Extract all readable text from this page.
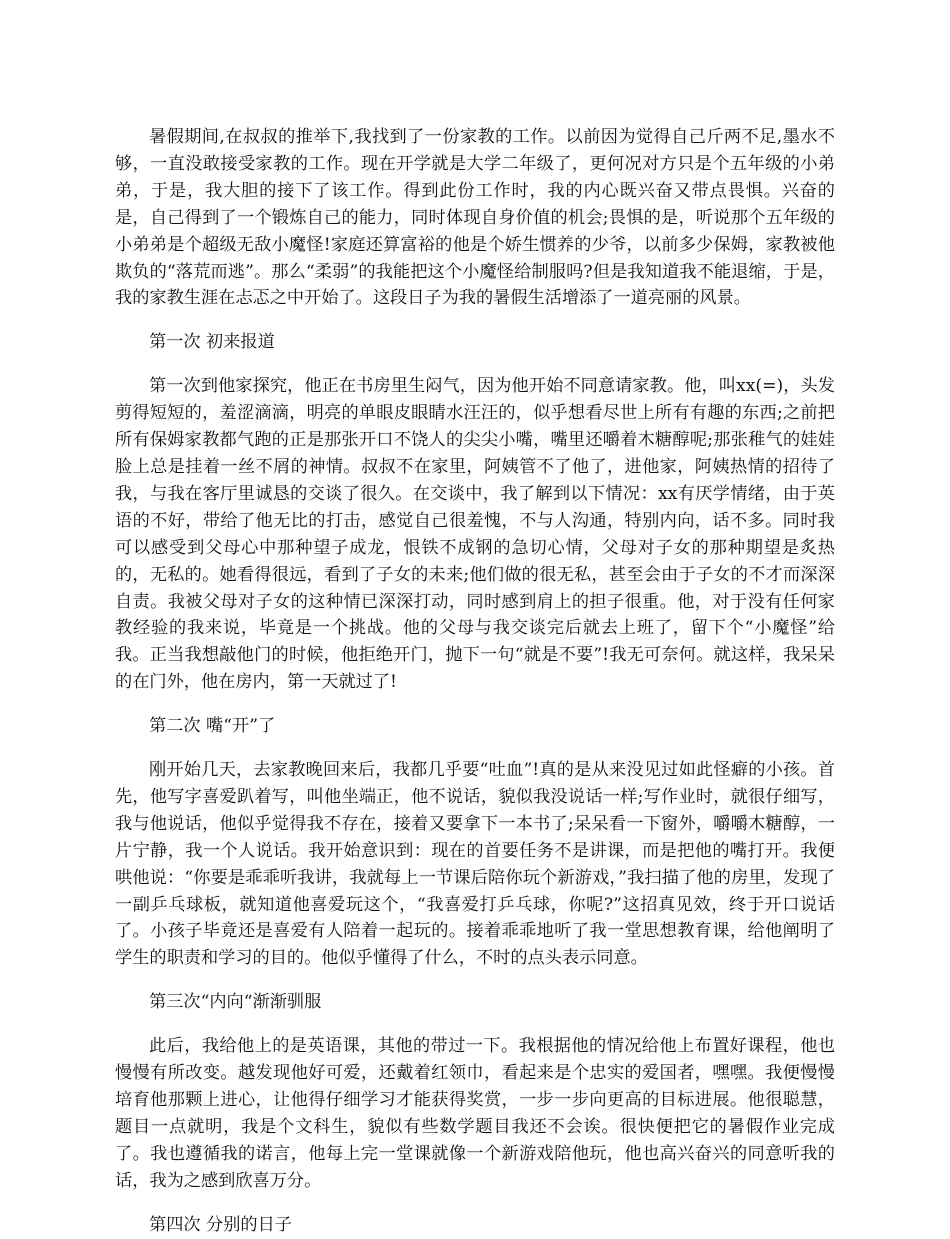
暑假期间,在叔叔的推举下,我找到了一份家教的工作。以前因为觉得自己斤两不足,墨水不够，一直没敢接受家教的工作。现在开学就是大学二年级了，更何况对方只是个五年级的小弟弟，于是，我大胆的接下了该工作。得到此份工作时，我的内心既兴奋又带点畏惧。兴奋的是，自己得到了一个锻炼自己的能力，同时体现自身价值的机会;畏惧的是，听说那个五年级的小弟弟是个超级无敌小魔怪!家庭还算富裕的他是个娇生惯养的少爷，以前多少保姆，家教被他欺负的“落荒而逃”。那么“柔弱”的我能把这个小魔怪给制服吗?但是我知道我不能退缩，于是，我的家教生涯在忐忑之中开始了。这段日子为我的暑假生活增添了一道亮丽的风景。

第一次 初来报道

第一次到他家探究，他正在书房里生闷气，因为他开始不同意请家教。他，叫xx(=)，头发剪得短短的，羞涩滴滴，明亮的单眼皮眼睛水汪汪的，似乎想看尽世上所有有趣的东西;之前把所有保姆家教都气跑的正是那张开口不饶人的尖尖小嘴，嘴里还嚼着木糖醇呢;那张稚气的娃娃脸上总是挂着一丝不屑的神情。叔叔不在家里，阿姨管不了他了，进他家，阿姨热情的招待了我，与我在客厅里诚恳的交谈了很久。在交谈中，我了解到以下情况：xx有厌学情绪，由于英语的不好，带给了他无比的打击，感觉自己很羞愧，不与人沟通，特别内向，话不多。同时我可以感受到父母心中那种望子成龙，恨铁不成钢的急切心情，父母对子女的那种期望是炙热的，无私的。她看得很远，看到了子女的未来;他们做的很无私，甚至会由于子女的不才而深深自责。我被父母对子女的这种情已深深打动，同时感到肩上的担子很重。他，对于没有任何家教经验的我来说，毕竟是一个挑战。他的父母与我交谈完后就去上班了，留下个“小魔怪”给我。正当我想敲他门的时候，他拒绝开门，抛下一句“就是不要”!我无可奈何。就这样，我呆呆的在门外，他在房内，第一天就过了!

第二次 嘴“开”了

刚开始几天，去家教晚回来后，我都几乎要“吐血”!真的是从来没见过如此怪癖的小孩。首先，他写字喜爱趴着写，叫他坐端正，他不说话，貌似我没说话一样;写作业时，就很仔细写，我与他说话，他似乎觉得我不存在，接着又要拿下一本书了;呆呆看一下窗外，嚼嚼木糖醇，一片宁静，我一个人说话。我开始意识到：现在的首要任务不是讲课，而是把他的嘴打开。我便哄他说：“你要是乖乖听我讲，我就每上一节课后陪你玩个新游戏，”我扫描了他的房里，发现了一副乒乓球板，就知道他喜爱玩这个，“我喜爱打乒乓球，你呢?”这招真见效，终于开口说话了。小孩子毕竟还是喜爱有人陪着一起玩的。接着乖乖地听了我一堂思想教育课，给他阐明了学生的职责和学习的目的。他似乎懂得了什么，不时的点头表示同意。

第三次“内向“渐渐驯服

此后，我给他上的是英语课，其他的带过一下。我根据他的情况给他上布置好课程，他也慢慢有所改变。越发现他好可爱，还戴着红领巾，看起来是个忠实的爱国者，嘿嘿。我便慢慢培育他那颗上进心，让他得仔细学习才能获得奖赏，一步一步向更高的目标进展。他很聪慧，题目一点就明，我是个文科生，貌似有些数学题目我还不会诶。很快便把它的暑假作业完成了。我也遵循我的诺言，他每上完一堂课就像一个新游戏陪他玩，他也高兴奋兴的同意听我的话，我为之感到欣喜万分。

第四次 分别的日子
